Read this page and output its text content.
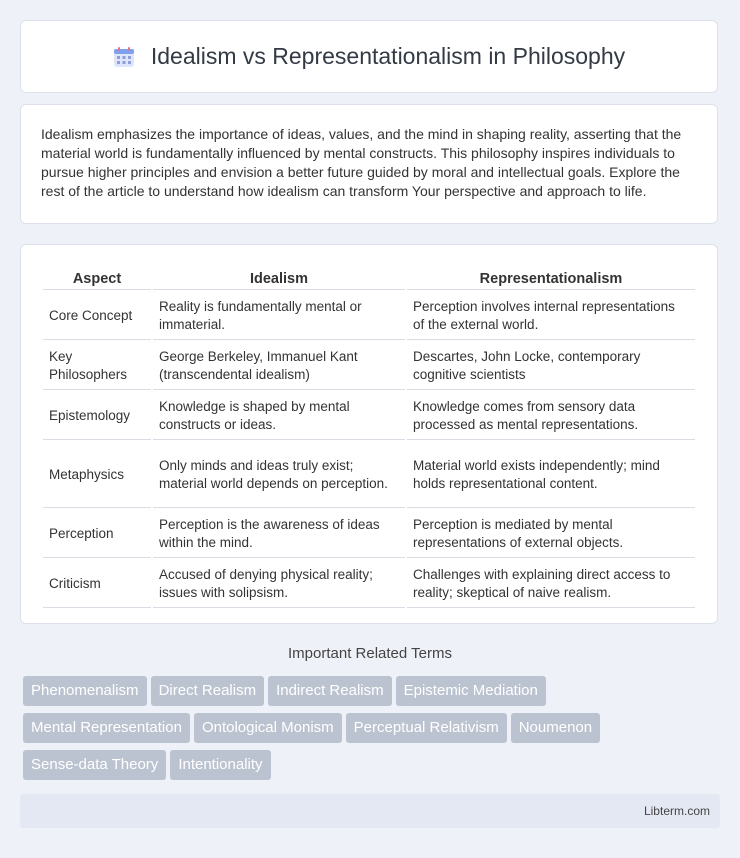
Idealism vs Representationalism in Philosophy

Idealism emphasizes the importance of ideas, values, and the mind in shaping reality, asserting that the material world is fundamentally influenced by mental constructs. This philosophy inspires individuals to pursue higher principles and envision a better future guided by moral and intellectual goals. Explore the rest of the article to understand how idealism can transform Your perspective and approach to life.

Aspect	Idealism	Representationalism
Core Concept	Reality is fundamentally mental or immaterial.	Perception involves internal representations of the external world.
Key Philosophers	George Berkeley, Immanuel Kant (transcendental idealism)	Descartes, John Locke, contemporary cognitive scientists
Epistemology	Knowledge is shaped by mental constructs or ideas.	Knowledge comes from sensory data processed as mental representations.
Metaphysics	Only minds and ideas truly exist; material world depends on perception.	Material world exists independently; mind holds representational content.
Perception	Perception is the awareness of ideas within the mind.	Perception is mediated by mental representations of external objects.
Criticism	Accused of denying physical reality; issues with solipsism.	Challenges with explaining direct access to reality; skeptical of naive realism.
Important Related Terms
Phenomenalism Direct Realism Indirect Realism Epistemic Mediation
Mental Representation Ontological Monism Perceptual Relativism Noumenon
Sense-data Theory Intentionality
Libterm.com
